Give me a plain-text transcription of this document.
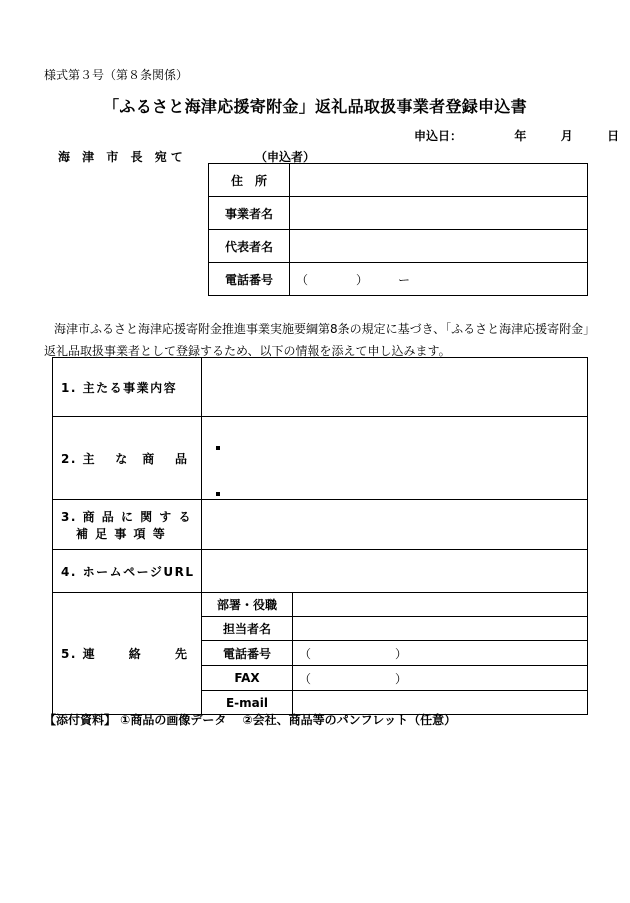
様式第３号（第８条関係）
「ふるさと海津応援寄附金」返礼品取扱事業者登録申込書
申込日：	年	月	日
海 津 市 長 宛て	（申込者）
住　所	
事業者名	
代表者名	
電話番号	（　　　　）　　　ー
海津市ふるさと海津応援寄附金推進事業実施要綱第8条の規定に基づき、「ふるさと海津応援寄附金」
返礼品取扱事業者として登録するため、以下の情報を添えて申し込みます。
1. 主たる事業内容		
2. 主　 な　商　 品		

3. 商 品 に 関 す る
補 足 事 項 等		

4. ホームページURL		
5. 連　　 絡　　 先	部署・役職	
	担当者名	
	電話番号	（　　　　　　　）
	FAX	（　　　　　　　）
	E-mail	
【添付資料】 ①商品の画像データ　 ②会社、商品等のパンフレット（任意）
